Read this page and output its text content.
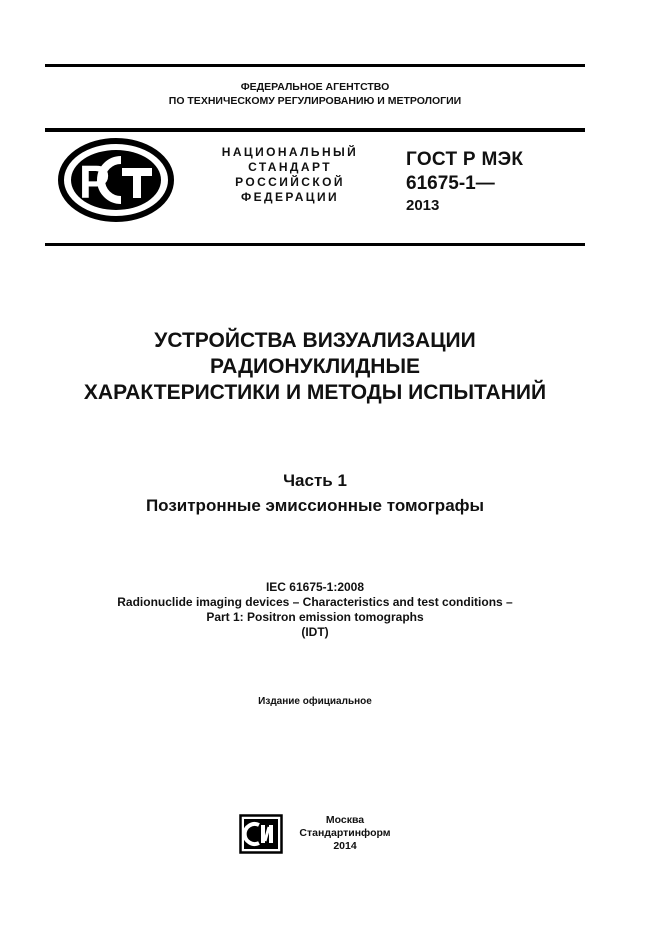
ФЕДЕРАЛЬНОЕ АГЕНТСТВО
ПО ТЕХНИЧЕСКОМУ РЕГУЛИРОВАНИЮ И МЕТРОЛОГИИ
Р
НАЦИОНАЛЬНЫЙ
СТАНДАРТ
РОССИЙСКОЙ
ФЕДЕРАЦИИ
ГОСТ Р МЭК
61675-1—
2013
УСТРОЙСТВА ВИЗУАЛИЗАЦИИ
РАДИОНУКЛИДНЫЕ
ХАРАКТЕРИСТИКИ И МЕТОДЫ ИСПЫТАНИЙ
Часть 1
Позитронные эмиссионные томографы
IEC 61675-1:2008
Radionuclide imaging devices – Characteristics and test conditions –
Part 1: Positron emission tomographs
(IDT)
Издание официальное
Москва
Стандартинформ
2014
